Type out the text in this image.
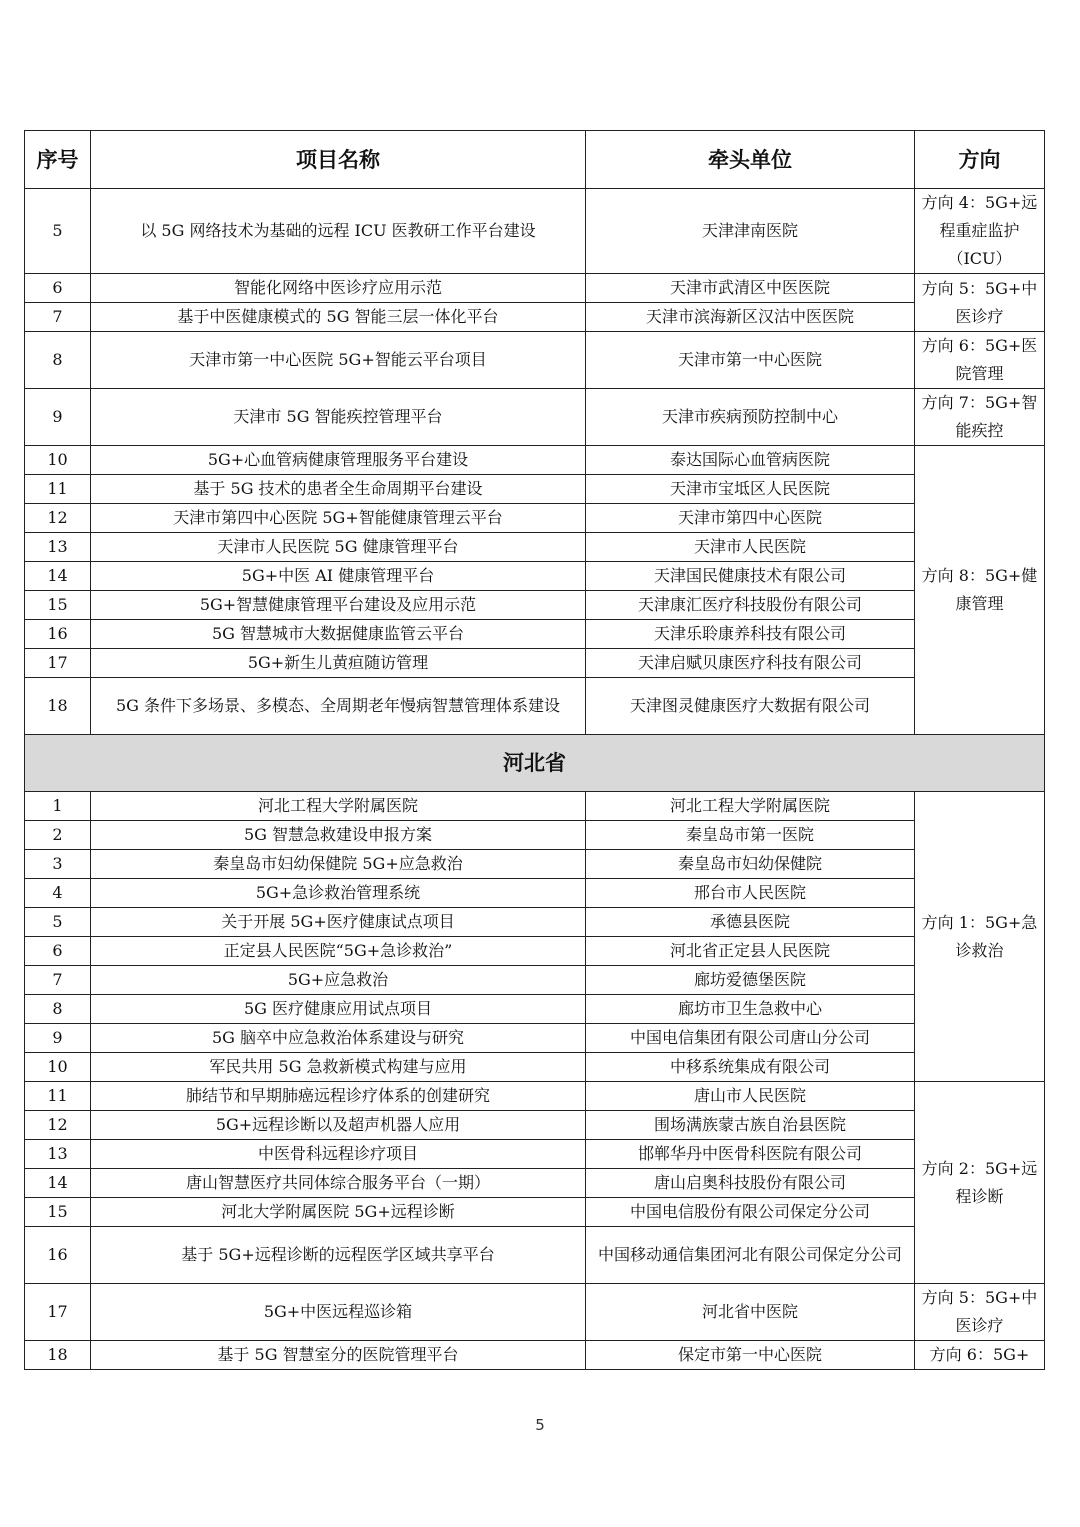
序号	项目名称	牵头单位	方向
5	以 5G 网络技术为基础的远程 ICU 医教研工作平台建设	天津津南医院	方向 4：5G+远程重症监护（ICU）
6	智能化网络中医诊疗应用示范	天津市武清区中医医院	方向 5：5G+中医诊疗
7	基于中医健康模式的 5G 智能三层一体化平台	天津市滨海新区汉沽中医医院	
8	天津市第一中心医院 5G+智能云平台项目	天津市第一中心医院	方向 6：5G+医院管理
9	天津市 5G 智能疾控管理平台	天津市疾病预防控制中心	方向 7：5G+智能疾控
10	5G+心血管病健康管理服务平台建设	泰达国际心血管病医院	方向 8：5G+健康管理
11	基于 5G 技术的患者全生命周期平台建设	天津市宝坻区人民医院	
12	天津市第四中心医院 5G+智能健康管理云平台	天津市第四中心医院	
13	天津市人民医院 5G 健康管理平台	天津市人民医院	
14	5G+中医 AI 健康管理平台	天津国民健康技术有限公司	
15	5G+智慧健康管理平台建设及应用示范	天津康汇医疗科技股份有限公司	
16	5G 智慧城市大数据健康监管云平台	天津乐聆康养科技有限公司	
17	5G+新生儿黄疸随访管理	天津启赋贝康医疗科技有限公司	
18	5G 条件下多场景、多模态、全周期老年慢病智慧管理体系建设	天津图灵健康医疗大数据有限公司	
河北省			
1	河北工程大学附属医院	河北工程大学附属医院	方向 1：5G+急诊救治
2	5G 智慧急救建设申报方案	秦皇岛市第一医院	
3	秦皇岛市妇幼保健院 5G+应急救治	秦皇岛市妇幼保健院	
4	5G+急诊救治管理系统	邢台市人民医院	
5	关于开展 5G+医疗健康试点项目	承德县医院	
6	正定县人民医院“5G+急诊救治”	河北省正定县人民医院	
7	5G+应急救治	廊坊爱德堡医院	
8	5G 医疗健康应用试点项目	廊坊市卫生急救中心	
9	5G 脑卒中应急救治体系建设与研究	中国电信集团有限公司唐山分公司	
10	军民共用 5G 急救新模式构建与应用	中移系统集成有限公司	
11	肺结节和早期肺癌远程诊疗体系的创建研究	唐山市人民医院	方向 2：5G+远程诊断
12	5G+远程诊断以及超声机器人应用	围场满族蒙古族自治县医院	
13	中医骨科远程诊疗项目	邯郸华丹中医骨科医院有限公司	
14	唐山智慧医疗共同体综合服务平台（一期）	唐山启奥科技股份有限公司	
15	河北大学附属医院 5G+远程诊断	中国电信股份有限公司保定分公司	
16	基于 5G+远程诊断的远程医学区域共享平台	中国移动通信集团河北有限公司保定分公司	
17	5G+中医远程巡诊箱	河北省中医院	方向 5：5G+中医诊疗
18	基于 5G 智慧室分的医院管理平台	保定市第一中心医院	方向 6：5G+
5
